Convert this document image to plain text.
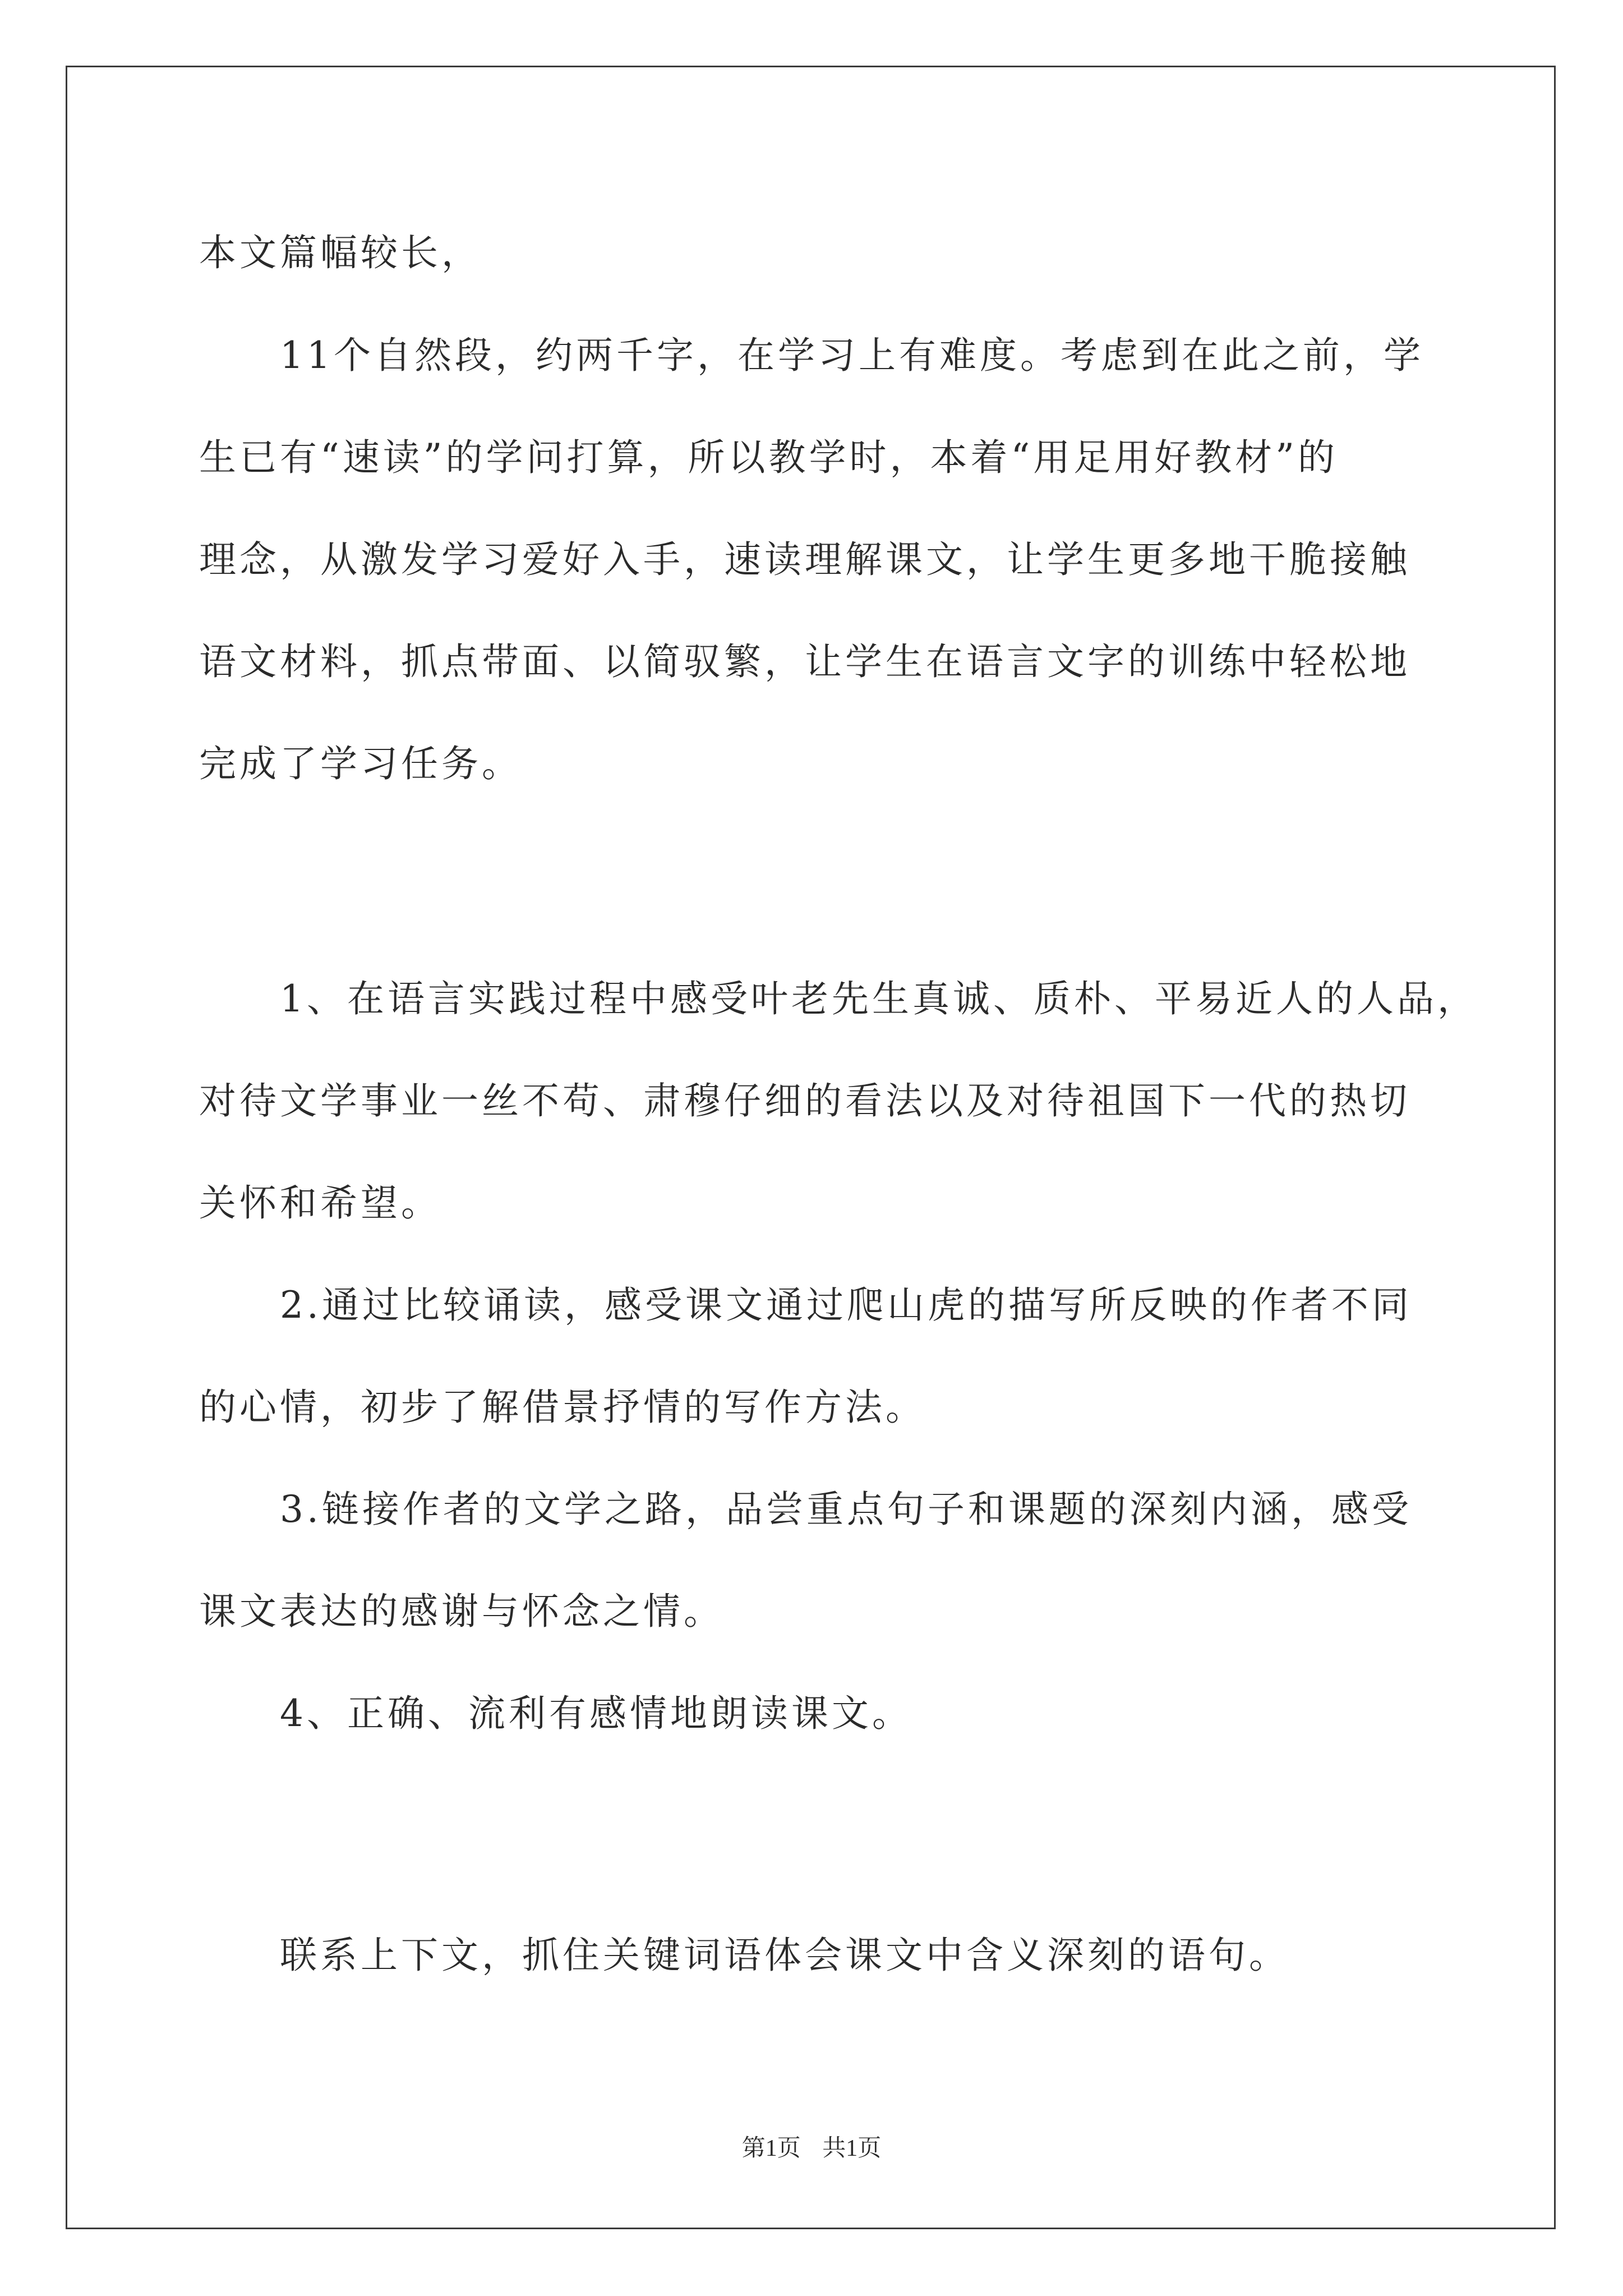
本文篇幅较长，
　　11个自然段，约两千字，在学习上有难度。考虑到在此之前，学
生已有“速读”的学问打算，所以教学时，本着“用足用好教材”的
理念，从激发学习爱好入手，速读理解课文，让学生更多地干脆接触
语文材料，抓点带面、以简驭繁，让学生在语言文字的训练中轻松地
完成了学习任务。
　　1、在语言实践过程中感受叶老先生真诚、质朴、平易近人的人品，
对待文学事业一丝不苟、肃穆仔细的看法以及对待祖国下一代的热切
关怀和希望。
　　2.通过比较诵读，感受课文通过爬山虎的描写所反映的作者不同
的心情，初步了解借景抒情的写作方法。
　　3.链接作者的文学之路，品尝重点句子和课题的深刻内涵，感受
课文表达的感谢与怀念之情。
　　4、正确、流利有感情地朗读课文。
　　联系上下文，抓住关键词语体会课文中含义深刻的语句。
第1页 共1页
